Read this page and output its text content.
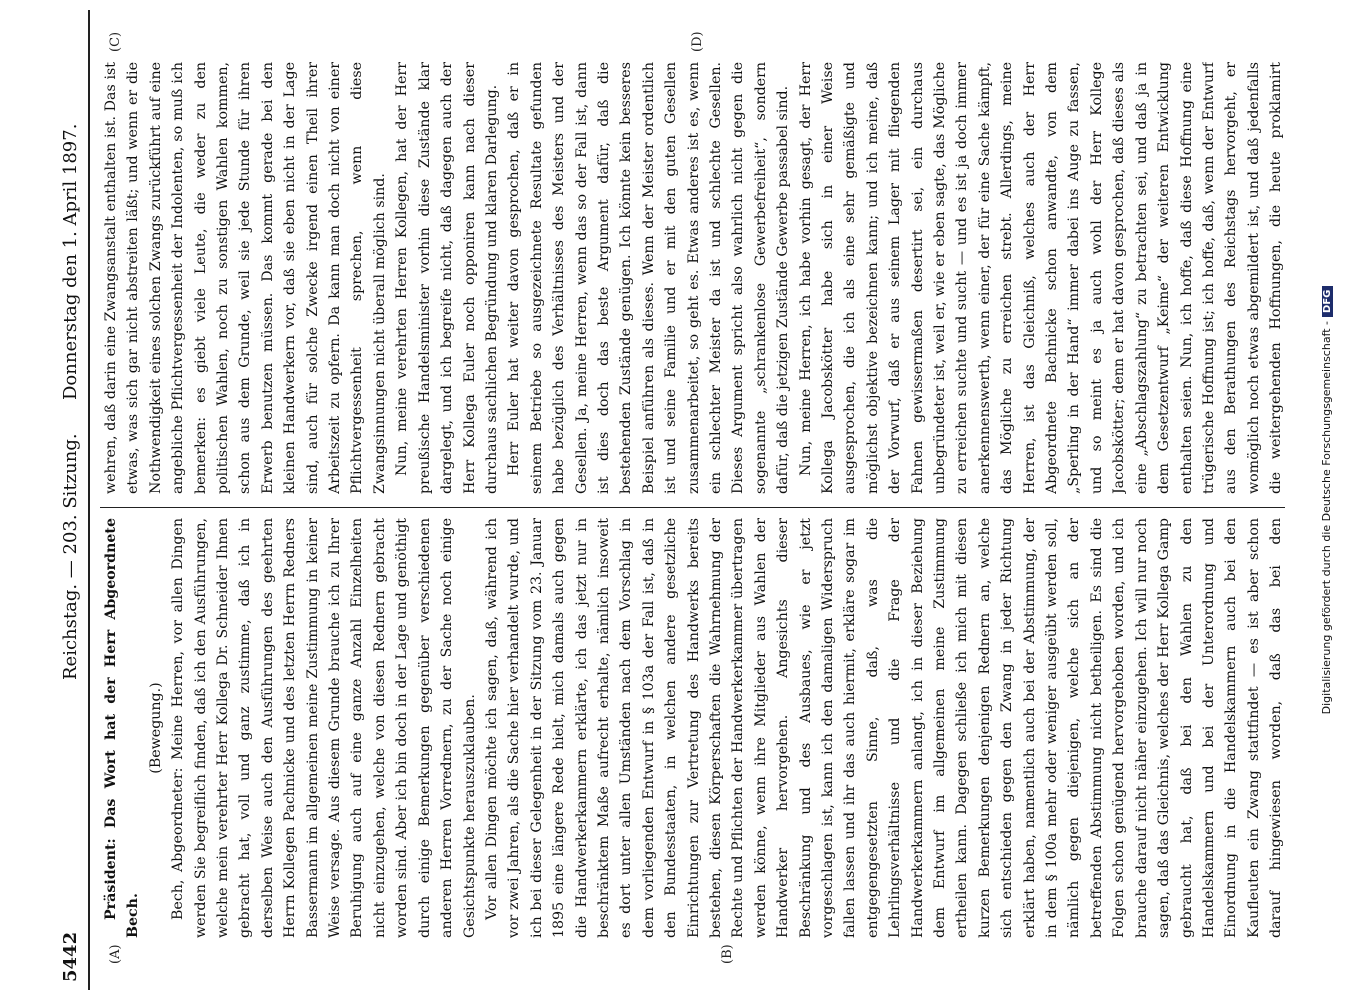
5442
Reichstag. — 203. Sitzung.
Donnerstag den 1. April 1897.
(A)	(B)
(C)	(D)

Präsident: Das Wort hat der Herr Abgeordnete Bech.

(Bewegung.) Bech, Abgeordneter: Meine Herren, vor allen Dingen werden Sie begreiflich finden, daß ich den Ausführungen, welche mein verehrter Herr Kollega Dr. Schneider Ihnen gebracht hat, voll und ganz zustimme, daß ich in derselben Weise auch den Ausführungen des geehrten Herrn Kollegen Pachnicke und des letzten Herrn Redners Bassermann im allgemeinen meine Zustimmung in keiner Weise versage. Aus diesem Grunde brauche ich zu Ihrer Beruhigung auch auf eine ganze Anzahl Einzelheiten nicht einzugehen, welche von diesen Rednern gebracht worden sind. Aber ich bin doch in der Lage und genöthigt durch einige Bemerkungen gegenüber verschiedenen anderen Herren Vorrednern, zu der Sache noch einige Gesichtspunkte herauszuklauben. Vor allen Dingen möchte ich sagen, daß, während ich vor zwei Jahren, als die Sache hier verhandelt wurde, und ich bei dieser Gelegenheit in der Sitzung vom 23. Januar 1895 eine längere Rede hielt, mich damals auch gegen die Handwerkerkammern erklärte, ich das jetzt nur in beschränktem Maße aufrecht erhalte, nämlich insoweit es dort unter allen Umständen nach dem Vorschlag in dem vorliegenden Entwurf in § 103a der Fall ist, daß in den Bundesstaaten, in welchen andere gesetzliche Einrichtungen zur Vertretung des Handwerks bereits bestehen, diesen Körperschaften die Wahrnehmung der Rechte und Pflichten der Handwerkerkammer übertragen werden könne, wenn ihre Mitglieder aus Wahlen der Handwerker hervorgehen. Angesichts dieser Beschränkung und des Ausbaues, wie er jetzt vorgeschlagen ist, kann ich den damaligen Widerspruch fallen lassen und ihr das auch hiermit, erkläre sogar im entgegengesetzten Sinne, daß, was die Lehrlingsverhältnisse und die Frage der Handwerkerkammern anlangt, ich in dieser Beziehung dem Entwurf im allgemeinen meine Zustimmung ertheilen kann. Dagegen schließe ich mich mit diesen kurzen Bemerkungen denjenigen Rednern an, welche sich entschieden gegen den Zwang in jeder Richtung erklärt haben, namentlich auch bei der Abstimmung, der in dem § 100a mehr oder weniger ausgeübt werden soll, nämlich gegen diejenigen, welche sich an der betreffenden Abstimmung nicht betheiligen. Es sind die Folgen schon genügend hervorgehoben worden, und ich brauche darauf nicht näher einzugehen. Ich will nur noch sagen, daß das Gleichnis, welches der Herr Kollega Gamp gebraucht hat, daß bei den Wahlen zu den Handelskammern und bei der Unterordnung und Einordnung in die Handelskammern auch bei den Kaufleuten ein Zwang stattfindet — es ist aber schon darauf hingewiesen worden, daß das bei den

wehren, daß darin eine Zwangsanstalt enthalten ist. Das ist etwas, was sich gar nicht abstreiten läßt; und wenn er die Nothwendigkeit eines solchen Zwangs zurückführt auf eine angebliche Pflichtvergessenheit der Indolenten, so muß ich bemerken: es giebt viele Leute, die weder zu den politischen Wahlen, noch zu sonstigen Wahlen kommen, schon aus dem Grunde, weil sie jede Stunde für ihren Erwerb benutzen müssen. Das kommt gerade bei den kleinen Handwerkern vor, daß sie eben nicht in der Lage sind, auch für solche Zwecke irgend einen Theil ihrer Arbeitszeit zu opfern. Da kann man doch nicht von einer Pflichtvergessenheit sprechen, wenn diese Zwangsinnungen nicht überall möglich sind. Nun, meine verehrten Herren Kollegen, hat der Herr preußische Handelsminister vorhin diese Zustände klar dargelegt, und ich begreife nicht, daß dagegen auch der Herr Kollega Euler noch opponiren kann nach dieser durchaus sachlichen Begründung und klaren Darlegung. Herr Euler hat weiter davon gesprochen, daß er in seinem Betriebe so ausgezeichnete Resultate gefunden habe bezüglich des Verhältnisses des Meisters und der Gesellen. Ja, meine Herren, wenn das so der Fall ist, dann ist dies doch das beste Argument dafür, daß die bestehenden Zustände genügen. Ich könnte kein besseres Beispiel anführen als dieses. Wenn der Meister ordentlich ist und seine Familie und er mit den guten Gesellen zusammenarbeitet, so geht es. Etwas anderes ist es, wenn ein schlechter Meister da ist und schlechte Gesellen. Dieses Argument spricht also wahrlich nicht gegen die sogenannte „schrankenlose Gewerbefreiheit“, sondern dafür, daß die jetzigen Zustände Gewerbe passabel sind. Nun, meine Herren, ich habe vorhin gesagt, der Herr Kollega Jacobskötter habe sich in einer Weise ausgesprochen, die ich als eine sehr gemäßigte und möglichst objektive bezeichnen kann; und ich meine, daß der Vorwurf, daß er aus seinem Lager mit fliegenden Fahnen gewissermaßen desertirt sei, ein durchaus unbegründeter ist, weil er, wie er eben sagte, das Mögliche zu erreichen suchte und sucht — und es ist ja doch immer anerkennenswerth, wenn einer, der für eine Sache kämpft, das Mögliche zu erreichen strebt. Allerdings, meine Herren, ist das Gleichniß, welches auch der Herr Abgeordnete Bachnicke schon anwandte, von dem „Sperling in der Hand“ immer dabei ins Auge zu fassen, und so meint es ja auch wohl der Herr Kollege Jacobskötter; denn er hat davon gesprochen, daß dieses als eine „Abschlagszahlung“ zu betrachten sei, und daß ja in dem Gesetzentwurf „Keime“ der weiteren Entwicklung enthalten seien. Nun, ich hoffe, daß diese Hoffnung eine trügerische Hoffnung ist; ich hoffe, daß, wenn der Entwurf aus den Berathungen des Reichstags hervorgeht, er womöglich noch etwas abgemildert ist, und daß jedenfalls die weitergehenden Hoffnungen, die heute proklamirt

Digitalisierung gefördert durch die Deutsche Forschungsgemeinschaft -DFG
